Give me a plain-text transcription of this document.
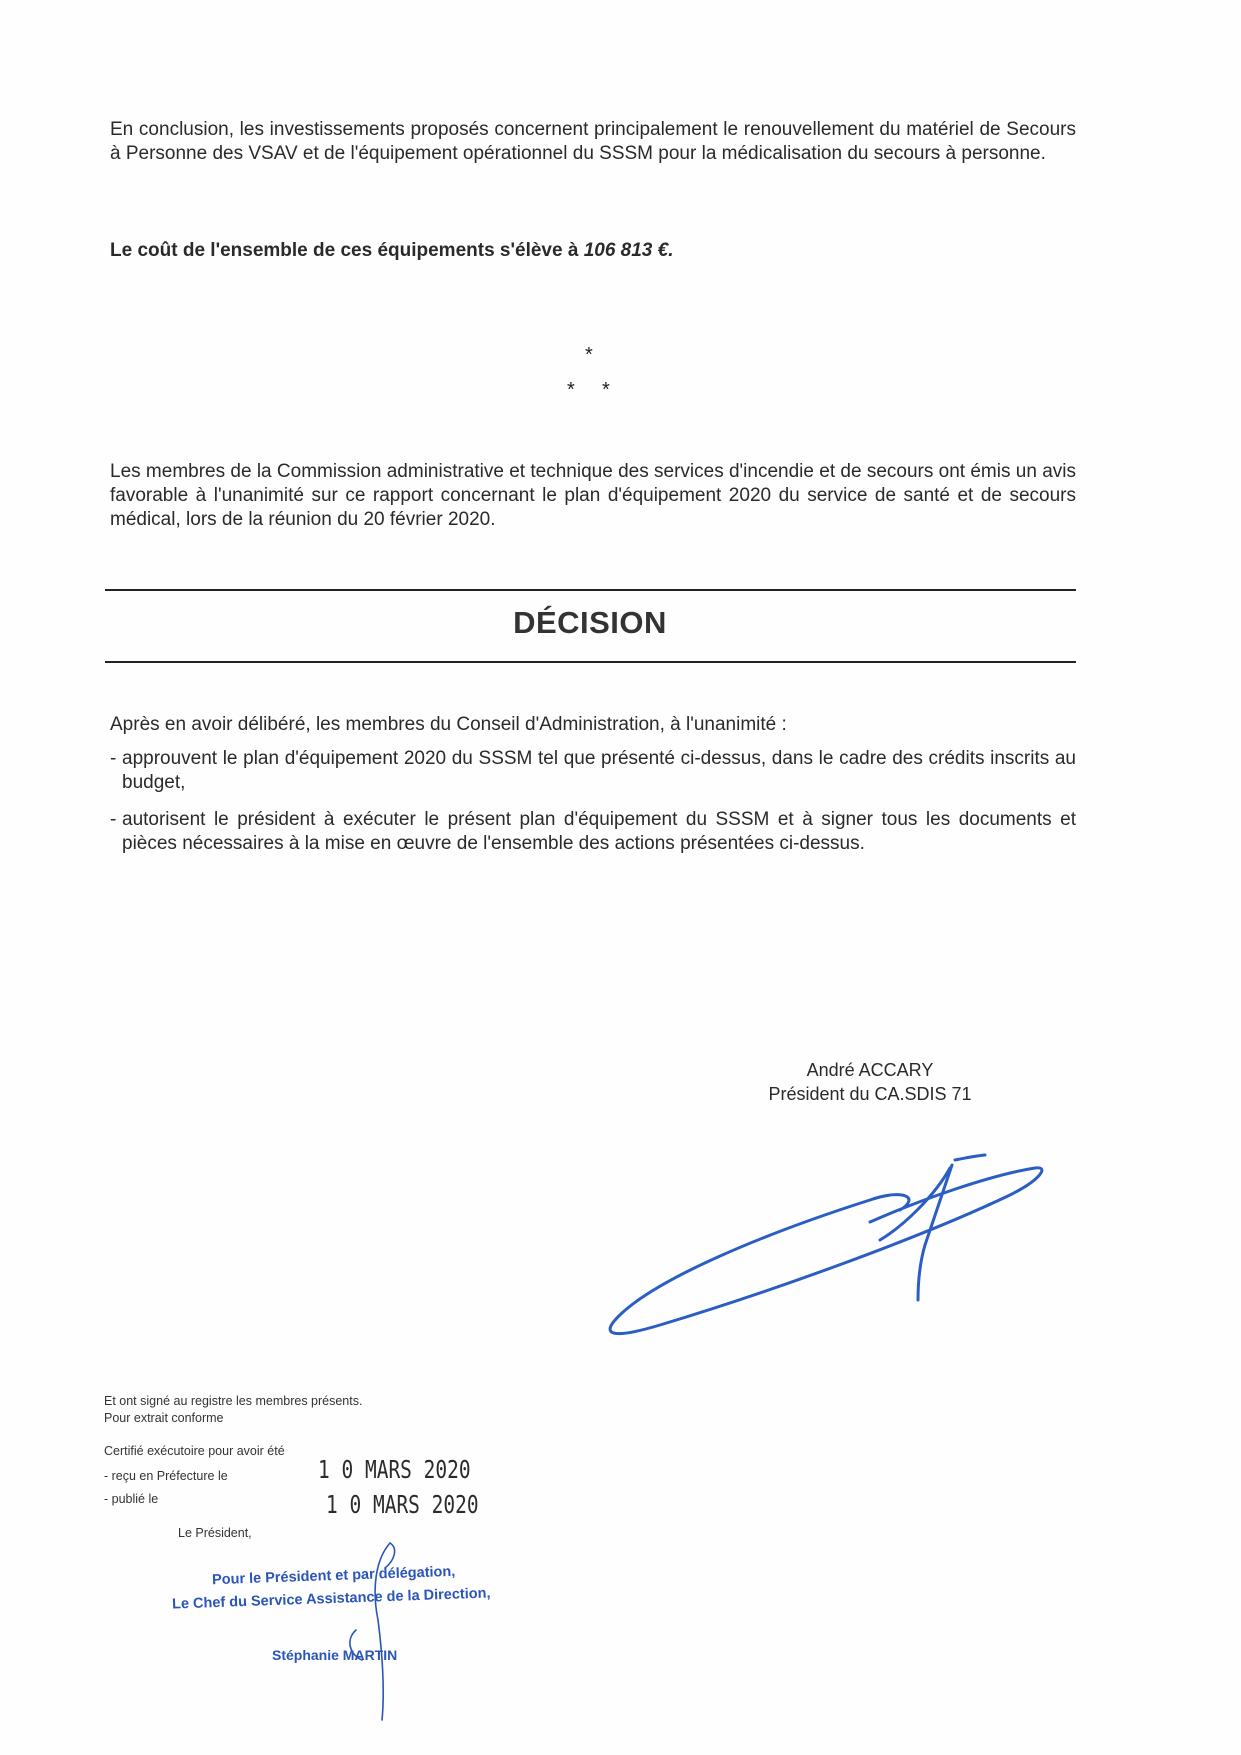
En conclusion, les investissements proposés concernent principalement le renouvellement du matériel de Secours à Personne des VSAV et de l'équipement opérationnel du SSSM pour la médicalisation du secours à personne.

Le coût de l'ensemble de ces équipements s'élève à 106 813 €.

*
* *

Les membres de la Commission administrative et technique des services d'incendie et de secours ont émis un avis favorable à l'unanimité sur ce rapport concernant le plan d'équipement 2020 du service de santé et de secours médical, lors de la réunion du 20 février 2020.

DÉCISION

Après en avoir délibéré, les membres du Conseil d'Administration, à l'unanimité :

- approuvent le plan d'équipement 2020 du SSSM tel que présenté ci-dessus, dans le cadre des crédits inscrits au budget,
- autorisent le président à exécuter le présent plan d'équipement du SSSM et à signer tous les documents et pièces nécessaires à la mise en œuvre de l'ensemble des actions présentées ci-dessus.
André ACCARY
Président du CA.SDIS 71
Et ont signé au registre les membres présents.
Pour extrait conforme
Certifié exécutoire pour avoir été
- reçu en Préfecture le	1 0 MARS 2020
- publié le	1 0 MARS 2020
Le Président,
Pour le Président et par délégation,
Le Chef du Service Assistance de la Direction,
Stéphanie MARTIN
